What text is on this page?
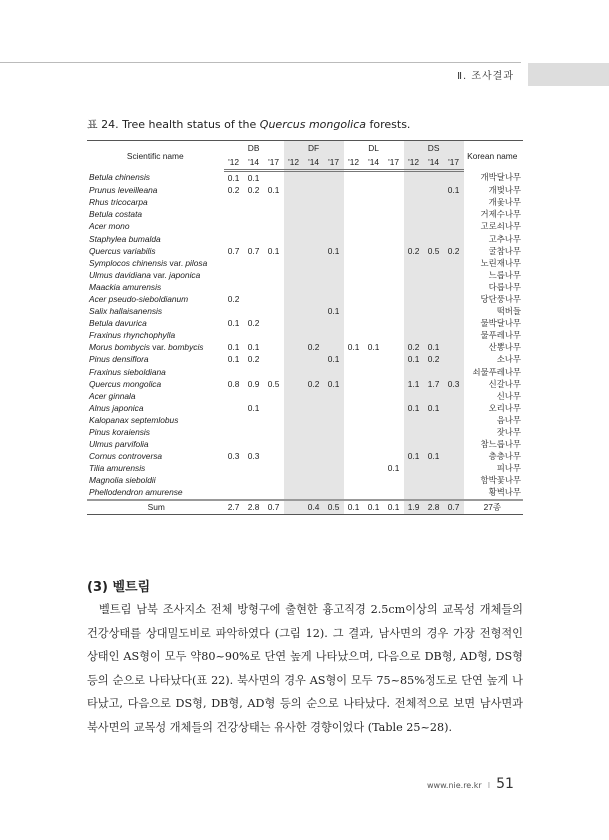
Ⅱ. 조사결과
표 24. Tree health status of the Quercus mongolica forests.
Scientific name	DB			DF			DL			DS			Korean name
	'12	'14	'17	'12	'14	'17	'12	'14	'17	'12	'14	'17	
Betula chinensis	0.1	0.1											개박달나무
Prunus leveilleana	0.2	0.2	0.1									0.1	개벚나무
Rhus tricocarpa													개옻나무
Betula costata													거제수나무
Acer mono													고로쇠나무
Staphylea bumalda													고추나무
Quercus variabilis	0.7	0.7	0.1			0.1				0.2	0.5	0.2	굴참나무
Symplocos chinensis var. pilosa													노린재나무
Ulmus davidiana var. japonica													느릅나무
Maackia amurensis													다릅나무
Acer pseudo-sieboldianum	0.2												당단풍나무
Salix hallaisanensis						0.1							떡버들
Betula davurica	0.1	0.2											물박달나무
Fraxinus rhynchophylla													물푸레나무
Morus bombycis var. bombycis	0.1	0.1			0.2		0.1	0.1		0.2	0.1		산뽕나무
Pinus densiflora	0.1	0.2				0.1				0.1	0.2		소나무
Fraxinus sieboldiana													쇠물푸레나무
Quercus mongolica	0.8	0.9	0.5		0.2	0.1				1.1	1.7	0.3	신갈나무
Acer ginnala													신나무
Alnus japonica		0.1								0.1	0.1		오리나무
Kalopanax septemlobus													음나무
Pinus koraiensis													잣나무
Ulmus parvifolia													참느릅나무
Cornus controversa	0.3	0.3								0.1	0.1		층층나무
Tilia amurensis									0.1				피나무
Magnolia sieboldii													함박꽃나무
Phellodendron amurense													황벽나무
Sum	2.7	2.8	0.7		0.4	0.5	0.1	0.1	0.1	1.9	2.8	0.7	27종
(3) 벨트림
벨트림 남북 조사지소 전체 방형구에 출현한 흉고직경 2.5cm이상의 교목성 개체들의 건강상태를 상대밀도비로 파악하였다 (그림 12). 그 결과, 남사면의 경우 가장 전형적인 상태인 AS형이 모두 약80~90%로 단연 높게 나타났으며, 다음으로 DB형, AD형, DS형 등의 순으로 나타났다(표 22). 북사면의 경우 AS형이 모두 75~85%정도로 단연 높게 나타났고, 다음으로 DS형, DB형, AD형 등의 순으로 나타났다. 전체적으로 보면 남사면과 북사면의 교목성 개체들의 건강상태는 유사한 경향이었다 (Table 25~28).
www.nie.re.kr I 51
